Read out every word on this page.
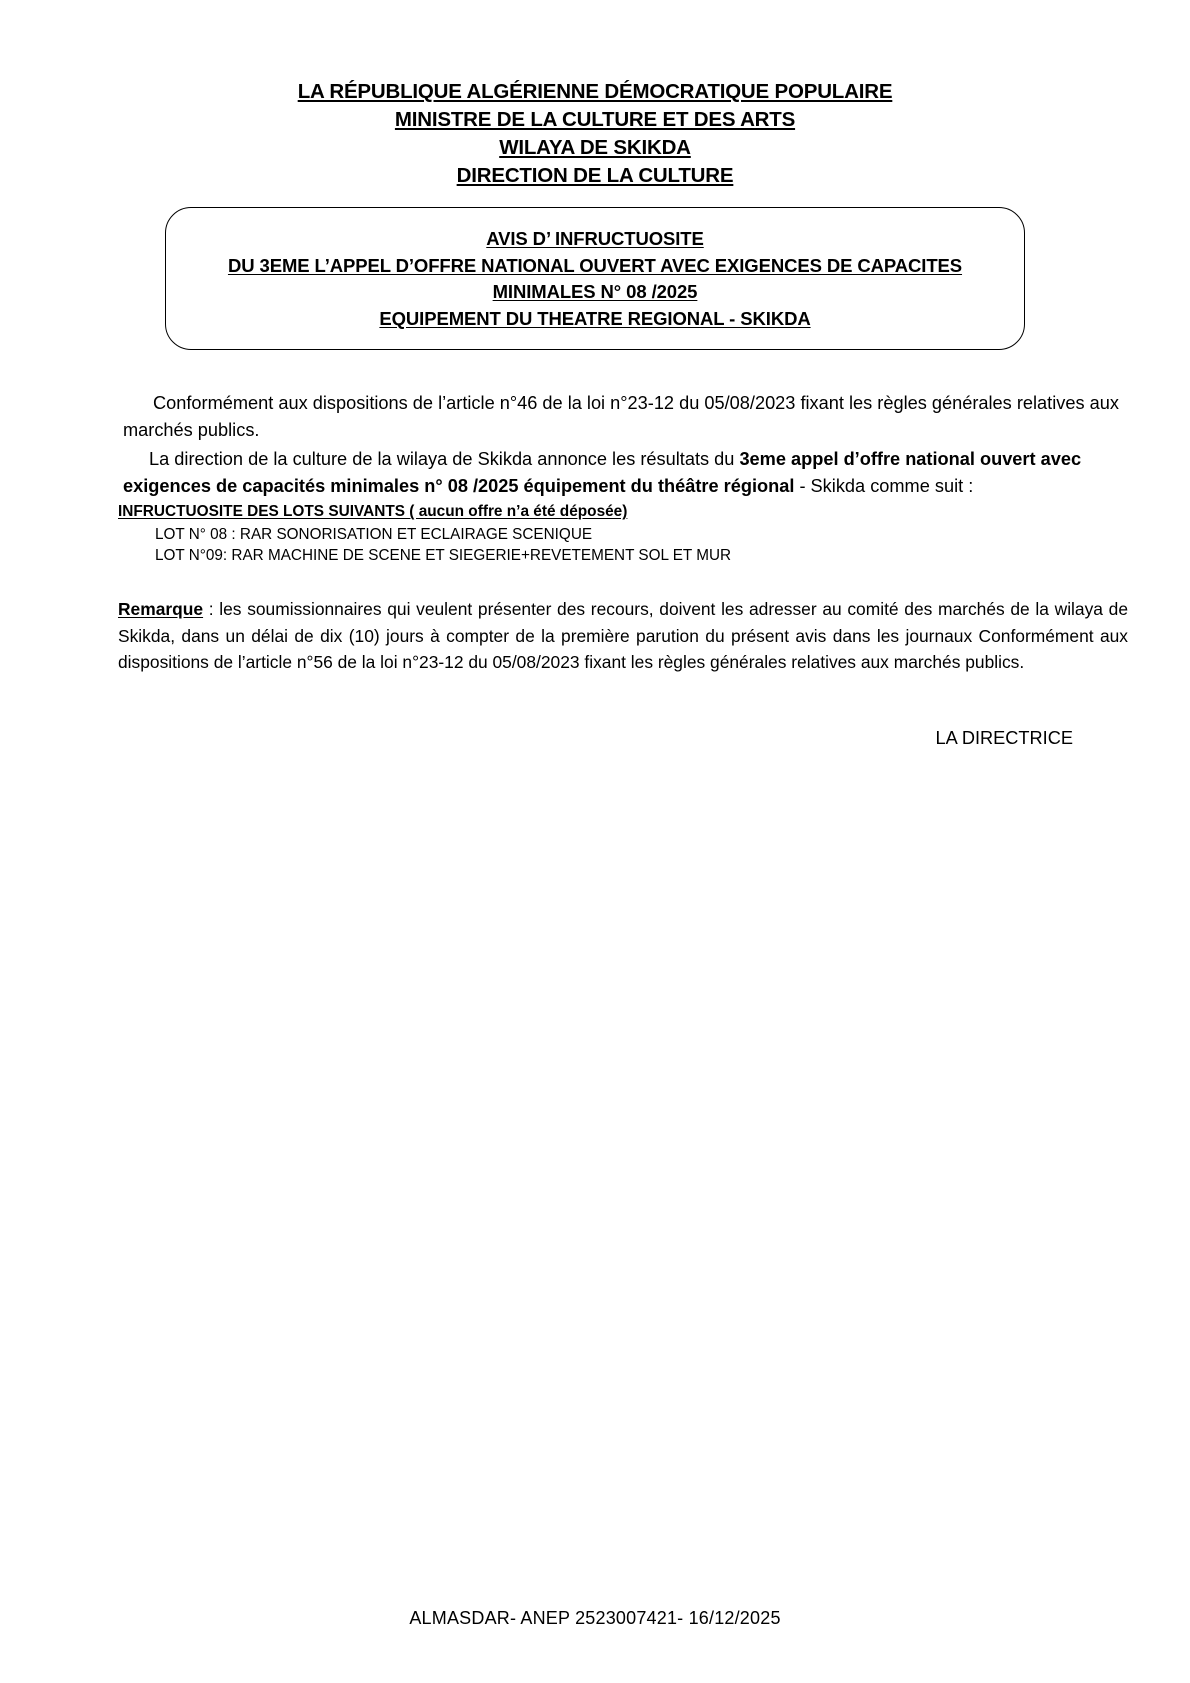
LA RÉPUBLIQUE ALGÉRIENNE DÉMOCRATIQUE POPULAIRE
MINISTRE DE LA CULTURE ET DES ARTS
WILAYA DE SKIKDA
DIRECTION DE LA CULTURE
AVIS D’ INFRUCTUOSITE
DU 3EME L’APPEL D’OFFRE NATIONAL OUVERT AVEC EXIGENCES DE CAPACITES
MINIMALES N° 08 /2025
EQUIPEMENT DU THEATRE REGIONAL - SKIKDA
Conformément aux dispositions de l’article n°46 de la loi n°23-12 du 05/08/2023 fixant les règles générales relatives aux marchés publics.
La direction de la culture de la wilaya de Skikda annonce les résultats du 3eme appel d’offre national ouvert avec exigences de capacités minimales n° 08 /2025 équipement du théâtre régional - Skikda comme suit :
INFRUCTUOSITE DES LOTS SUIVANTS ( aucun offre n’a été déposée)
LOT N° 08 : RAR SONORISATION ET ECLAIRAGE SCENIQUE
LOT N°09: RAR MACHINE DE SCENE ET SIEGERIE+REVETEMENT SOL ET MUR
Remarque : les soumissionnaires qui veulent présenter des recours, doivent les adresser au comité des marchés de la wilaya de Skikda, dans un délai de dix (10) jours à compter de la première parution du présent avis dans les journaux Conformément aux dispositions de l’article n°56 de la loi n°23-12 du 05/08/2023 fixant les règles générales relatives aux marchés publics.
LA DIRECTRICE
ALMASDAR- ANEP 2523007421- 16/12/2025
